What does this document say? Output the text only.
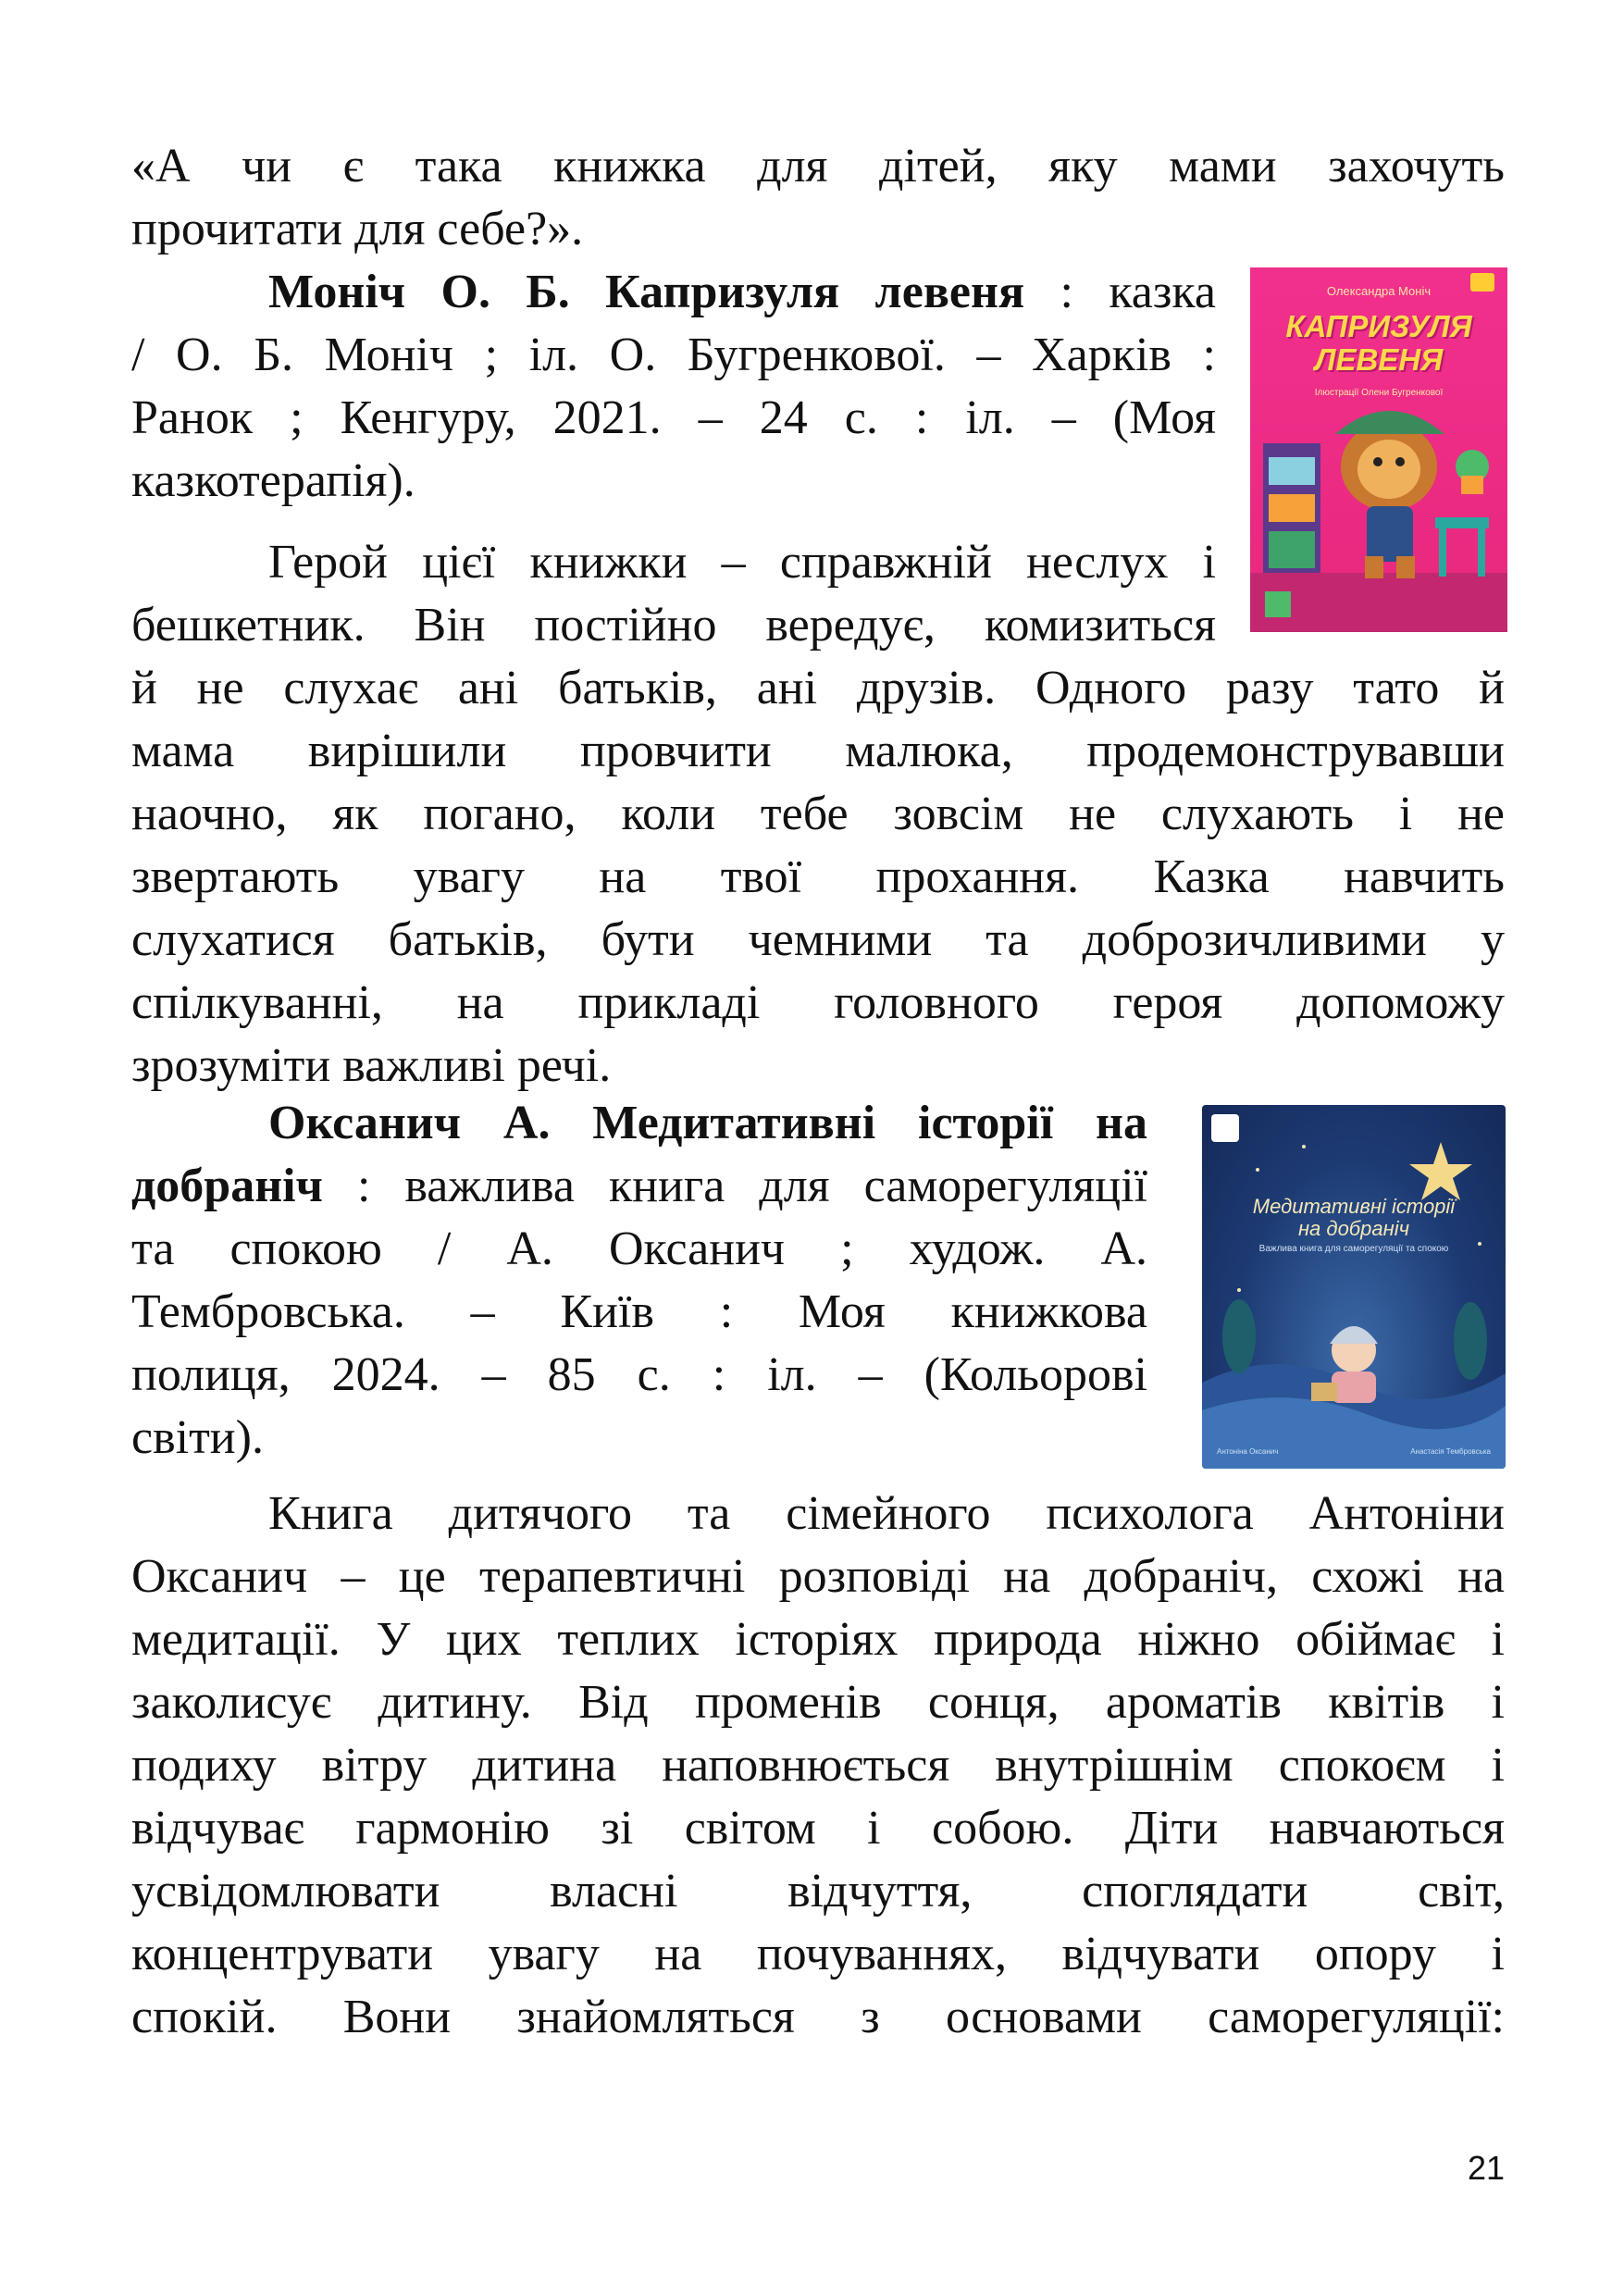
«А чи є така книжка для дітей, яку мами захочуть
прочитати для себе?».
Моніч О. Б. Капризуля левеня : казка
/ О. Б. Моніч ; іл. О. Бугренкової. – Харків :
Ранок ; Кенгуру, 2021. – 24 с. : іл. – (Моя
казкотерапія).
Герой цієї книжки – справжній неслух і
бешкетник. Він постійно вередує, комизиться
й не слухає ані батьків, ані друзів. Одного разу тато й
мама вирішили провчити малюка, продемонструвавши
наочно, як погано, коли тебе зовсім не слухають і не
звертають увагу на твої прохання. Казка навчить
слухатися батьків, бути чемними та доброзичливими у
спілкуванні, на прикладі головного героя допоможу
зрозуміти важливі речі.
Олександра Моніч
КАПРИЗУЛЯ
ЛЕВЕНЯ
Ілюстрації Олени Бугренкової
Оксанич А. Медитативні історії на
добраніч : важлива книга для саморегуляції
та спокою / А. Оксанич ; худож. А.
Тембровська. – Київ : Моя книжкова
полиця, 2024. – 85 с. : іл. – (Кольорові
світи).
Медитативні історії
на добраніч
Важлива книга для саморегуляції та спокою
Антоніна Оксанич	Анастасія Тембровська
Книга дитячого та сімейного психолога Антоніни
Оксанич – це терапевтичні розповіді на добраніч, схожі на
медитації. У цих теплих історіях природа ніжно обіймає і
заколисує дитину. Від променів сонця, ароматів квітів і
подиху вітру дитина наповнюється внутрішнім спокоєм і
відчуває гармонію зі світом і собою. Діти навчаються
усвідомлювати власні відчуття, споглядати світ,
концентрувати увагу на почуваннях, відчувати опору і
спокій. Вони знайомляться з основами саморегуляції:
21
